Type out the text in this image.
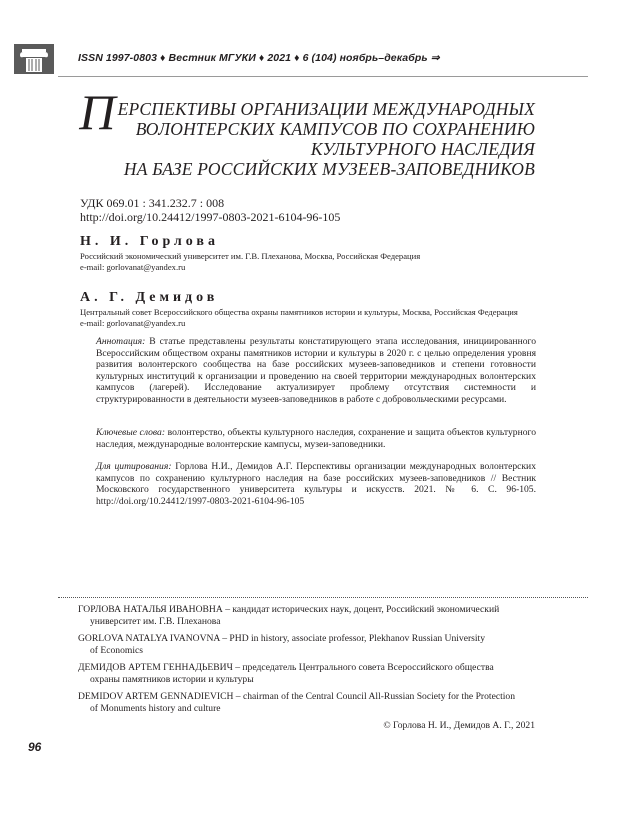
ISSN 1997-0803 ♦ Вестник МГУКИ ♦ 2021 ♦ 6 (104) ноябрь–декабрь ⇒
ПЕРСПЕКТИВЫ ОРГАНИЗАЦИИ МЕЖДУНАРОДНЫХ
ВОЛОНТЕРСКИХ КАМПУСОВ ПО СОХРАНЕНИЮ
КУЛЬТУРНОГО НАСЛЕДИЯ
НА БАЗЕ РОССИЙСКИХ МУЗЕЕВ-ЗАПОВЕДНИКОВ
УДК 069.01 : 341.232.7 : 008
http://doi.org/10.24412/1997-0803-2021-6104-96-105
Н. И. Горлова
Российский экономический университет им. Г.В. Плеханова, Москва, Российская Федерация
e-mail: gorlovanat@yandex.ru
А. Г. Демидов
Центральный совет Всероссийского общества охраны памятников истории и культуры, Москва, Российская Федерация
e-mail: gorlovanat@yandex.ru
Аннотация: В статье представлены результаты констатирующего этапа исследования, инициированного Всероссийским обществом охраны памятников истории и культуры в 2020 г. с целью определения уровня развития волонтерского сообщества на базе российских музеев-заповедников и степени готовности культурных институций к организации и проведению на своей территории международных волонтерских кампусов (лагерей). Исследование актуализирует проблему отсутствия системности и структурированности в деятельности музеев-заповедников в работе с добровольческими ресурсами.
Ключевые слова: волонтерство, объекты культурного наследия, сохранение и защита объектов культурного наследия, международные волонтерские кампусы, музеи-заповедники.
Для цитирования: Горлова Н.И., Демидов А.Г. Перспективы организации международных волонтерских кампусов по сохранению культурного наследия на базе российских музеев-заповедников // Вестник Московского государственного университета культуры и искусств. 2021. № 6. С. 96-105. http://doi.org/10.24412/1997-0803-2021-6104-96-105
ГОРЛОВА НАТАЛЬЯ ИВАНОВНА – кандидат исторических наук, доцент, Российский экономический
университет им. Г.В. Плеханова
GORLOVA NATALYA IVANOVNA – PHD in history, associate professor, Plekhanov Russian University
of Economics
ДЕМИДОВ АРТЕМ ГЕННАДЬЕВИЧ – председатель Центрального совета Всероссийского общества
охраны памятников истории и культуры
DEMIDOV ARTEM GENNADIEVICH – chairman of the Central Council All-Russian Society for the Protection
of Monuments history and culture
© Горлова Н. И., Демидов А. Г., 2021
96
